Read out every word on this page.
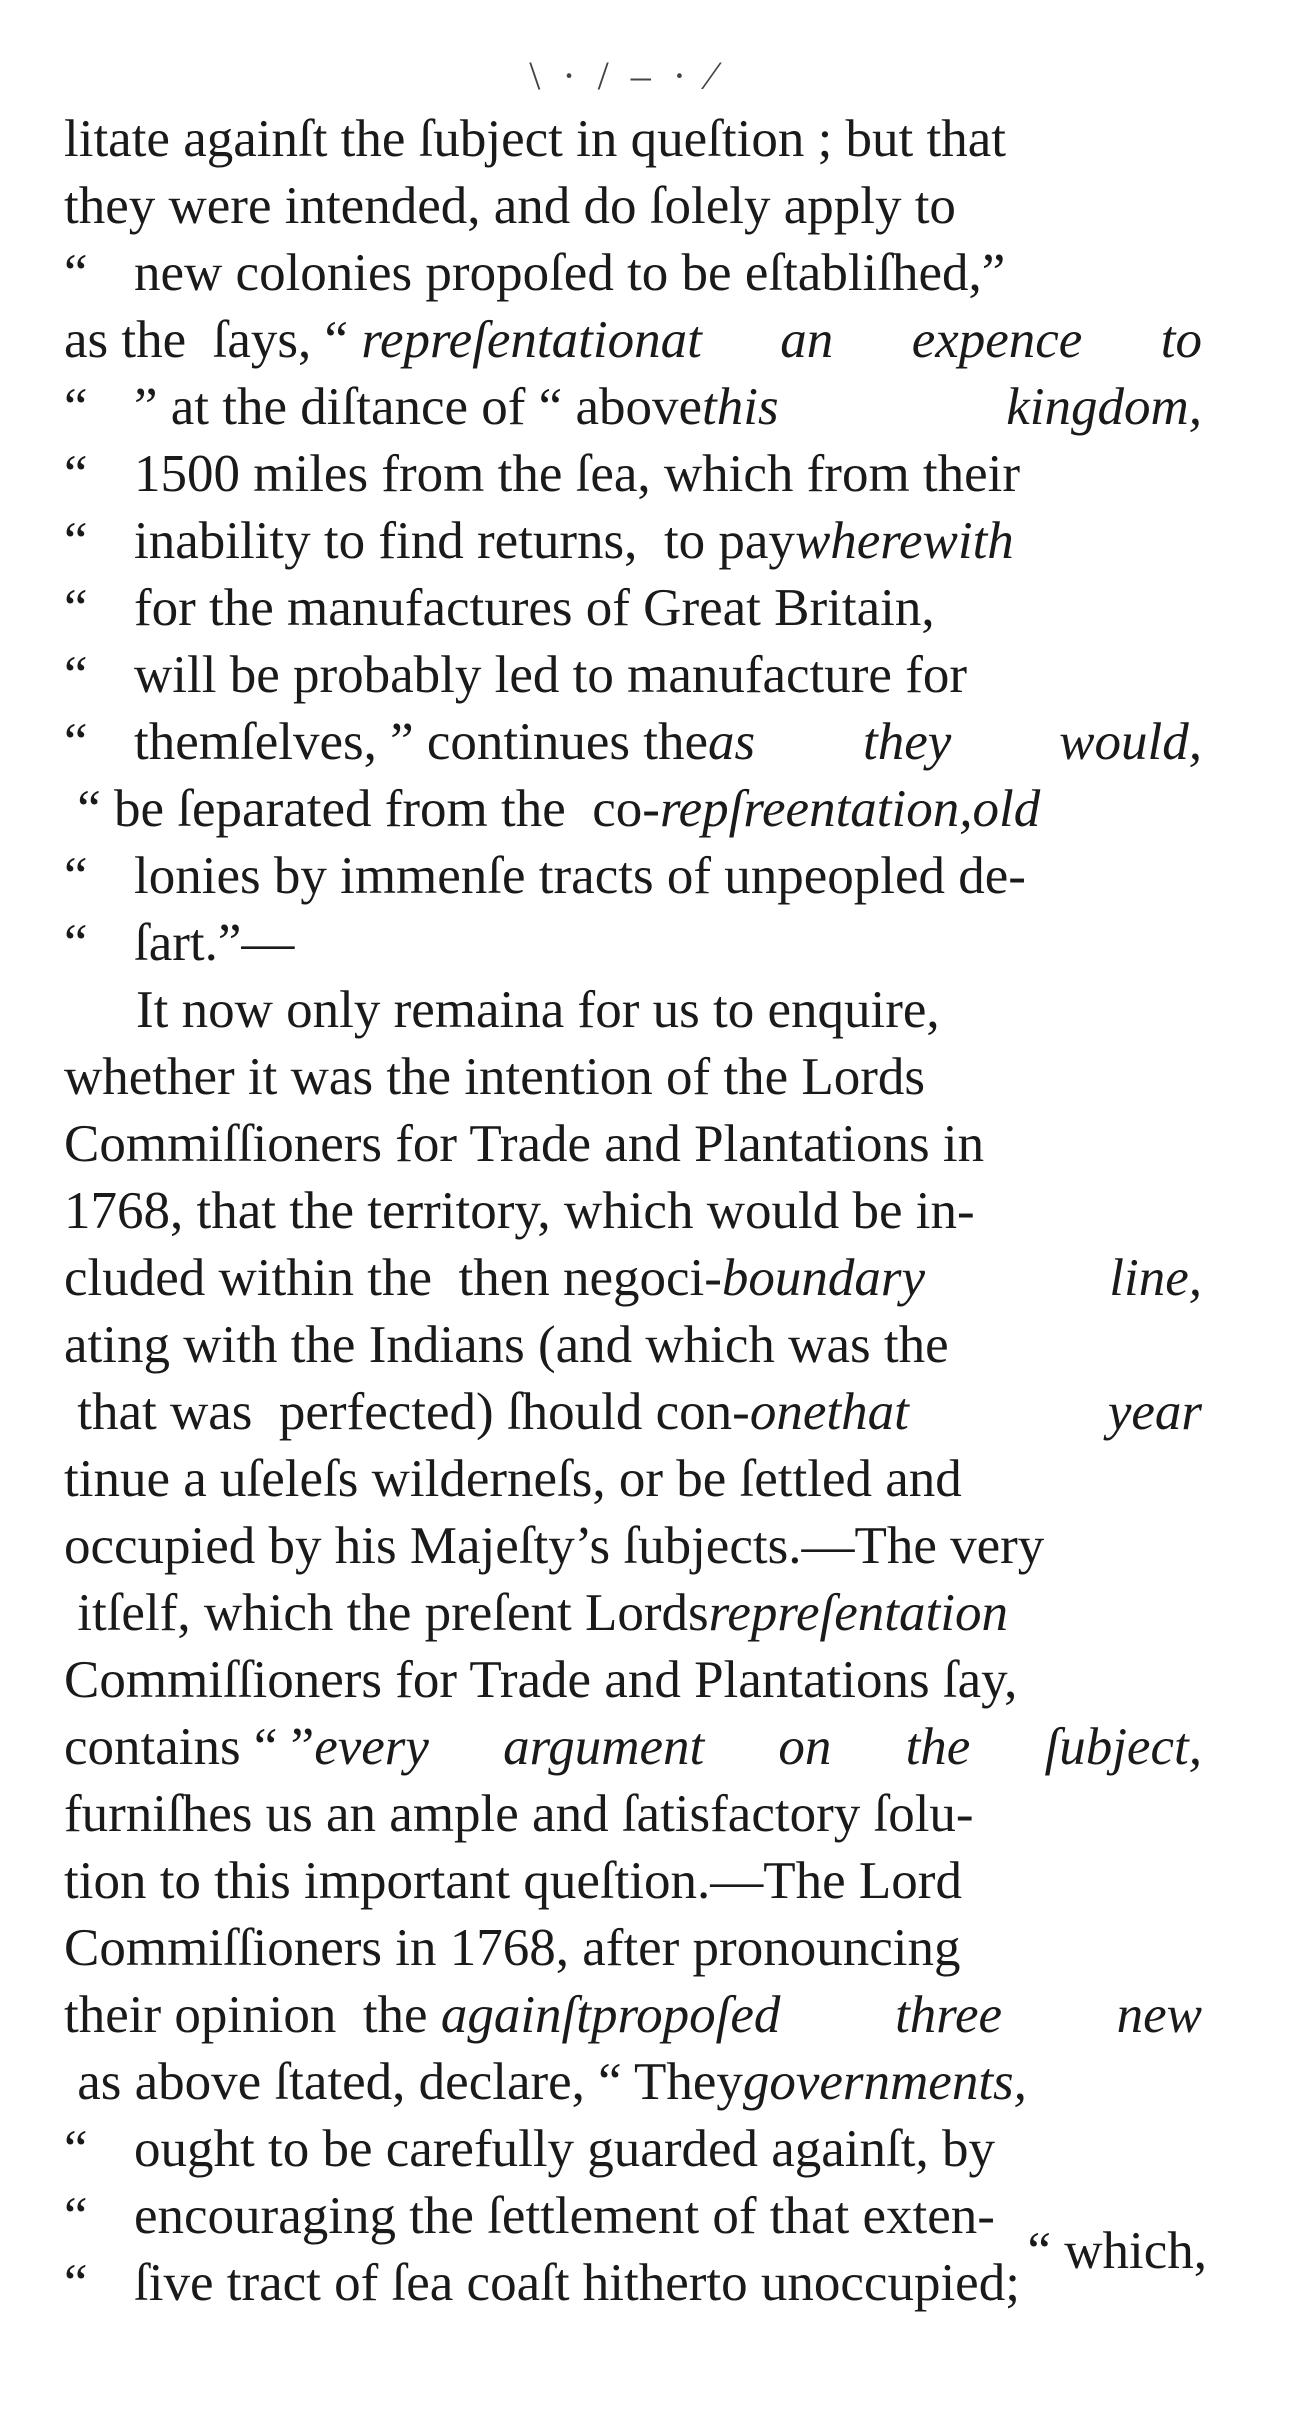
\ · / – · ⁄
litate againſt the ſubject in queſtion ; but that
they were intended, and do ſolely apply to
“ new colonies propoſed to be eſtabliſhed,”
as the ſays, “ repreſentationat an expence to
“ ” at the diſtance of “ above this	kingdom,
“ 1500 miles from the ſea, which from their
“ inability to find returns, to pay wherewith
“ for the manufactures of Great Britain,
“ will be probably led to manufacture for
“ themſelves, ” continues the as they would,
“ be ſeparated from the co- repſreentation,old
“ lonies by immenſe tracts of unpeopled de-
“ ſart.”—
It now only remaina for us to enquire,
whether it was the intention of the Lords
Commiſſioners for Trade and Plantations in
1768, that the territory, which would be in-
cluded within the then negoci- boundary	line,
ating with the Indians (and which was the
that was perfected) ſhould con- onethat	year
tinue a uſeleſs wilderneſs, or be ſettled and
occupied by his Majeſty’s ſubjects.—The very
itſelf, which the preſent Lords repreſentation
Commiſſioners for Trade and Plantations ſay,
contains “ ” every argument on the ſubject,
furniſhes us an ample and ſatisfactory ſolu-
tion to this important queſtion.—The Lord
Commiſſioners in 1768, after pronouncing
their opinion the againſtpropoſed three new
as above ſtated, declare, “ They governments,
“ ought to be carefully guarded againſt, by
“ encouraging the ſettlement of that exten-
“ ſive tract of ſea coaſt hitherto unoccupied;
“ which,
